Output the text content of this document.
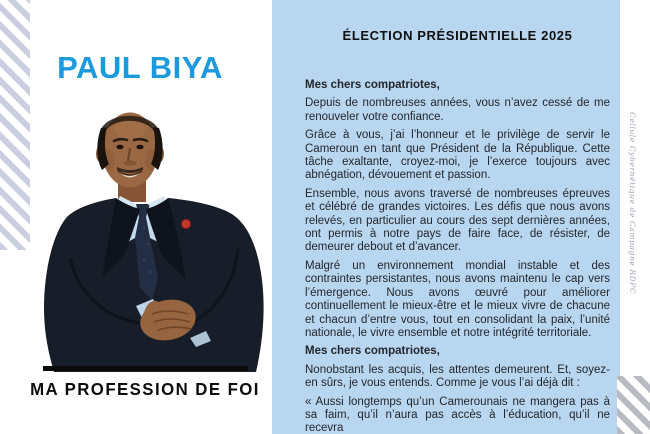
PAUL BIYA
MA PROFESSION DE FOI
ÉLECTION PRÉSIDENTIELLE 2025

Mes chers compatriotes,

Depuis de nombreuses années, vous n’avez cessé de me renouveler votre confiance.

Grâce à vous, j’ai l’honneur et le privilège de servir le Cameroun en tant que Président de la République. Cette tâche exaltante, croyez-moi, je l’exerce toujours avec abnégation, dévouement et passion.

Ensemble, nous avons traversé de nombreuses épreuves et célébré de grandes victoires. Les défis que nous avons relevés, en particulier au cours des sept dernières années, ont permis à notre pays de faire face, de résister, de demeurer debout et d’avancer.

Malgré un environnement mondial instable et des contraintes persistantes, nous avons maintenu le cap vers l’émergence. Nous avons œuvré pour améliorer continuellement le mieux-être et le mieux vivre de chacune et chacun d’entre vous, tout en consolidant la paix, l’unité nationale, le vivre ensemble et notre intégrité territoriale.

Mes chers compatriotes,

Nonobstant les acquis, les attentes demeurent. Et, soyez-en sûrs, je vous entends. Comme je vous l’ai déjà dit :

« Aussi longtemps qu’un Camerounais ne mangera pas à sa faim, qu’il n’aura pas accès à l’éducation, qu’il ne recevra

Cellule Cybernétique de Campagne RDPC
